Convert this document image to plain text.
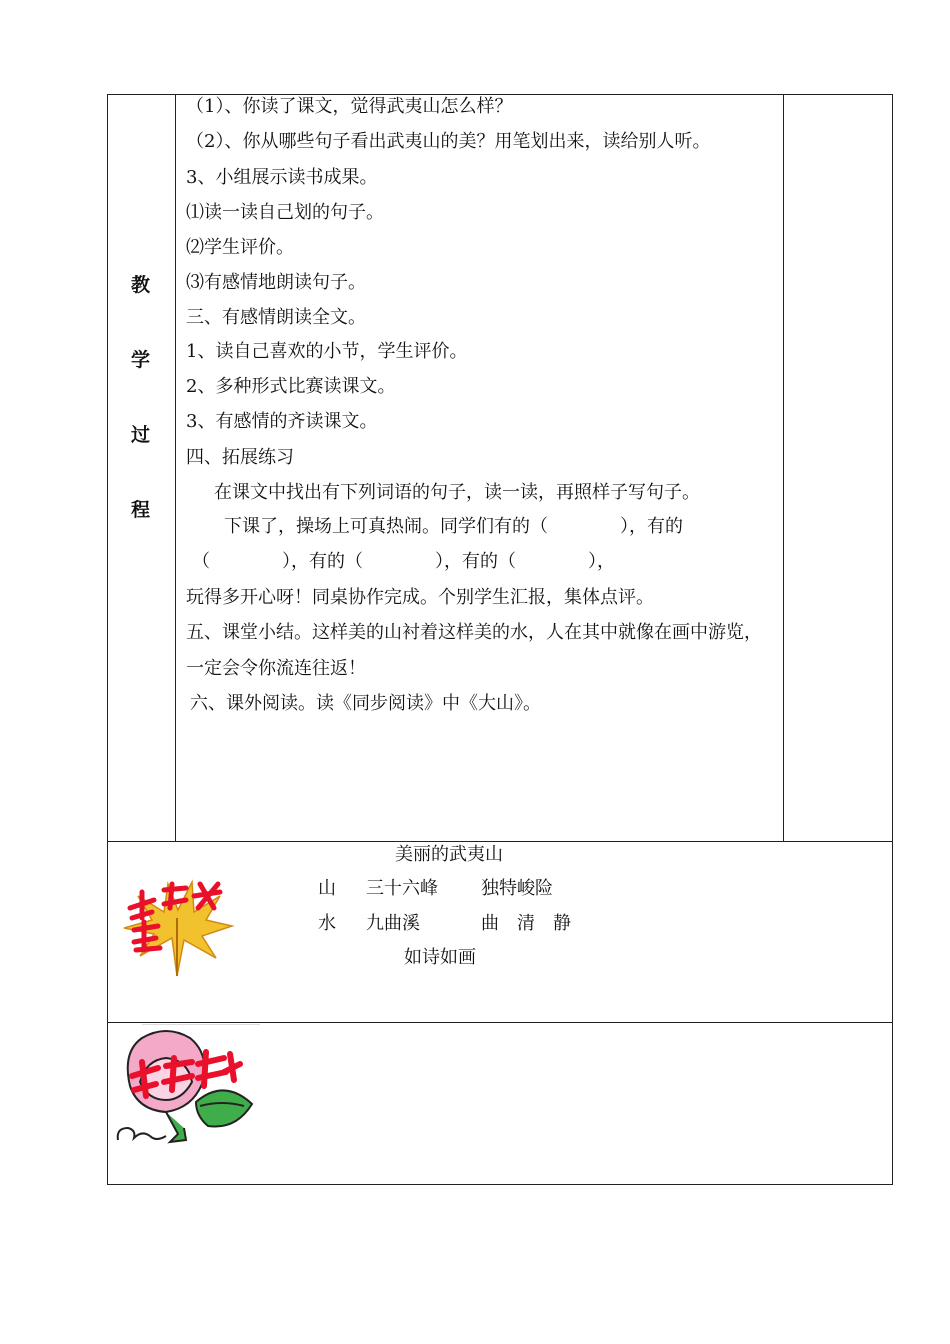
教
学
过
程
（1）、你读了课文，觉得武夷山怎么样？
（2）、你从哪些句子看出武夷山的美？用笔划出来，读给别人听。
3、小组展示读书成果。
⑴读一读自己划的句子。
⑵学生评价。
⑶有感情地朗读句子。
三、有感情朗读全文。
1、读自己喜欢的小节，学生评价。
2、多种形式比赛读课文。
3、有感情的齐读课文。
四、拓展练习
在课文中找出有下列词语的句子，读一读，再照样子写句子。
下课了，操场上可真热闹。同学们有的（　　　　），有的
（　　　　），有的（　　　　），有的（　　　　），
玩得多开心呀！同桌协作完成。个别学生汇报，集体点评。
五、课堂小结。这样美的山衬着这样美的水，人在其中就像在画中游览，
一定会令你流连往返！
六、课外阅读。读《同步阅读》中《大山》。
美丽的武夷山
山 三十六峰 独特峻险
水 九曲溪	曲　清　静
如诗如画
